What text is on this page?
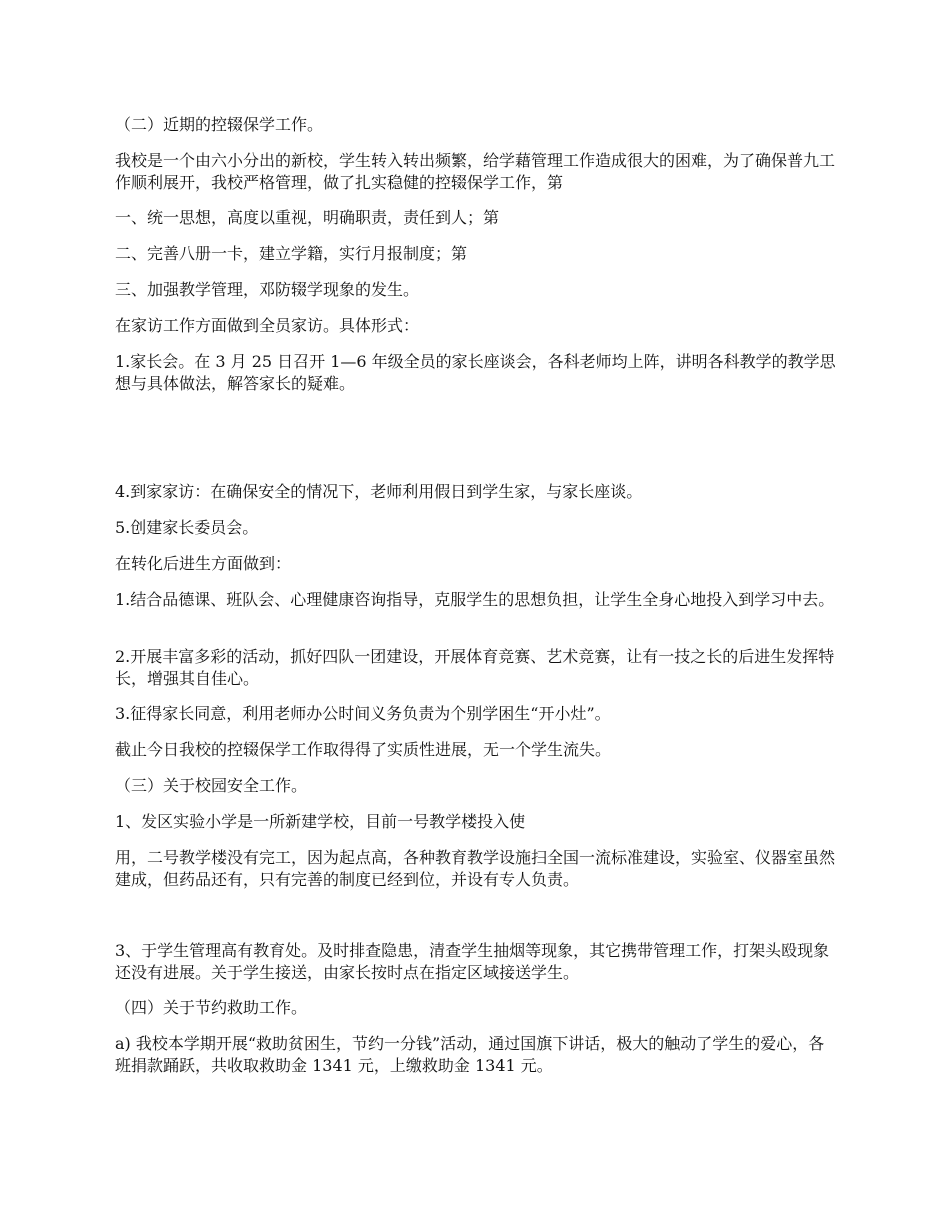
（二）近期的控辍保学工作。

我校是一个由六小分出的新校，学生转入转出频繁，给学藉管理工作造成很大的困难，为了确保普九工作顺利展开，我校严格管理，做了扎实稳健的控辍保学工作，第

一、统一思想，高度以重视，明确职责，责任到人；第

二、完善八册一卡，建立学籍，实行月报制度；第

三、加强教学管理，邓防辍学现象的发生。

在家访工作方面做到全员家访。具体形式：

1.家长会。在 3 月 25 日召开 1—6 年级全员的家长座谈会，各科老师均上阵，讲明各科教学的教学思想与具体做法，解答家长的疑难。

4.到家家访：在确保安全的情况下，老师利用假日到学生家，与家长座谈。

5.创建家长委员会。

在转化后进生方面做到：

1.结合品德课、班队会、心理健康咨询指导，克服学生的思想负担，让学生全身心地投入到学习中去。

2.开展丰富多彩的活动，抓好四队一团建设，开展体育竞赛、艺术竞赛，让有一技之长的后进生发挥特长，增强其自佳心。

3.征得家长同意，利用老师办公时间义务负责为个别学困生“开小灶”。

截止今日我校的控辍保学工作取得得了实质性进展，无一个学生流失。

（三）关于校园安全工作。

1、发区实验小学是一所新建学校，目前一号教学楼投入使

用，二号教学楼没有完工，因为起点高，各种教育教学设施扫全国一流标准建设，实验室、仪器室虽然建成，但药品还有，只有完善的制度已经到位，并设有专人负责。

3、于学生管理高有教育处。及时排查隐患，清查学生抽烟等现象，其它携带管理工作，打架头殴现象还没有进展。关于学生接送，由家长按时点在指定区域接送学生。

（四）关于节约救助工作。

a) 我校本学期开展“救助贫困生，节约一分钱”活动，通过国旗下讲话，极大的触动了学生的爱心，各班捐款踊跃，共收取救助金 1341 元，上缴救助金 1341 元。
